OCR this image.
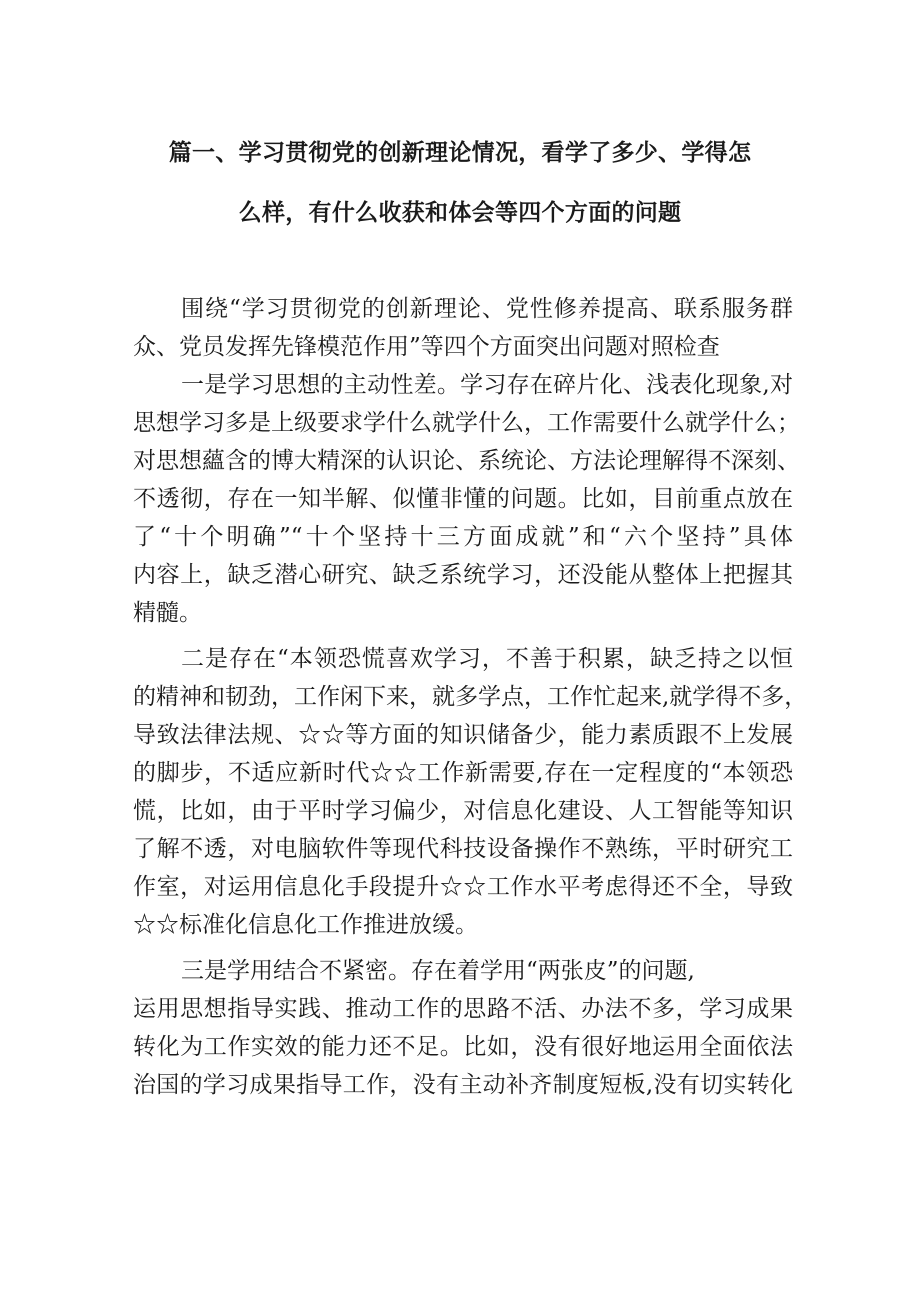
篇一、学习贯彻党的创新理论情况，看学了多少、学得怎
么样，有什么收获和体会等四个方面的问题
围绕“学习贯彻党的创新理论、党性修养提高、联系服务群
众、党员发挥先锋模范作用”等四个方面突出问题对照检查
一是学习思想的主动性差。学习存在碎片化、浅表化现象,对
思想学习多是上级要求学什么就学什么，工作需要什么就学什么；
对思想蘊含的博大精深的认识论、系统论、方法论理解得不深刻、
不透彻，存在一知半解、似懂非懂的问题。比如，目前重点放在
了“十个明确”“十个坚持十三方面成就”和“六个坚持”具体
内容上，缺乏潜心研究、缺乏系统学习，还没能从整体上把握其
精髓。
二是存在“本领恐慌喜欢学习，不善于积累，缺乏持之以恒
的精神和韧劲，工作闲下来，就多学点，工作忙起来,就学得不多，
导致法律法规、☆☆等方面的知识储备少，能力素质跟不上发展
的脚步，不适应新时代☆☆工作新需要,存在一定程度的“本领恐
慌，比如，由于平时学习偏少，对信息化建设、人工智能等知识
了解不透，对电脑软件等现代科技设备操作不熟练，平时研究工
作室，对运用信息化手段提升☆☆工作水平考虑得还不全，导致
☆☆标准化信息化工作推进放缓。
三是学用结合不紧密。存在着学用“两张皮”的问题,
运用思想指导实践、推动工作的思路不活、办法不多，学习成果
转化为工作实效的能力还不足。比如，没有很好地运用全面依法
治国的学习成果指导工作，没有主动补齐制度短板,没有切实转化
